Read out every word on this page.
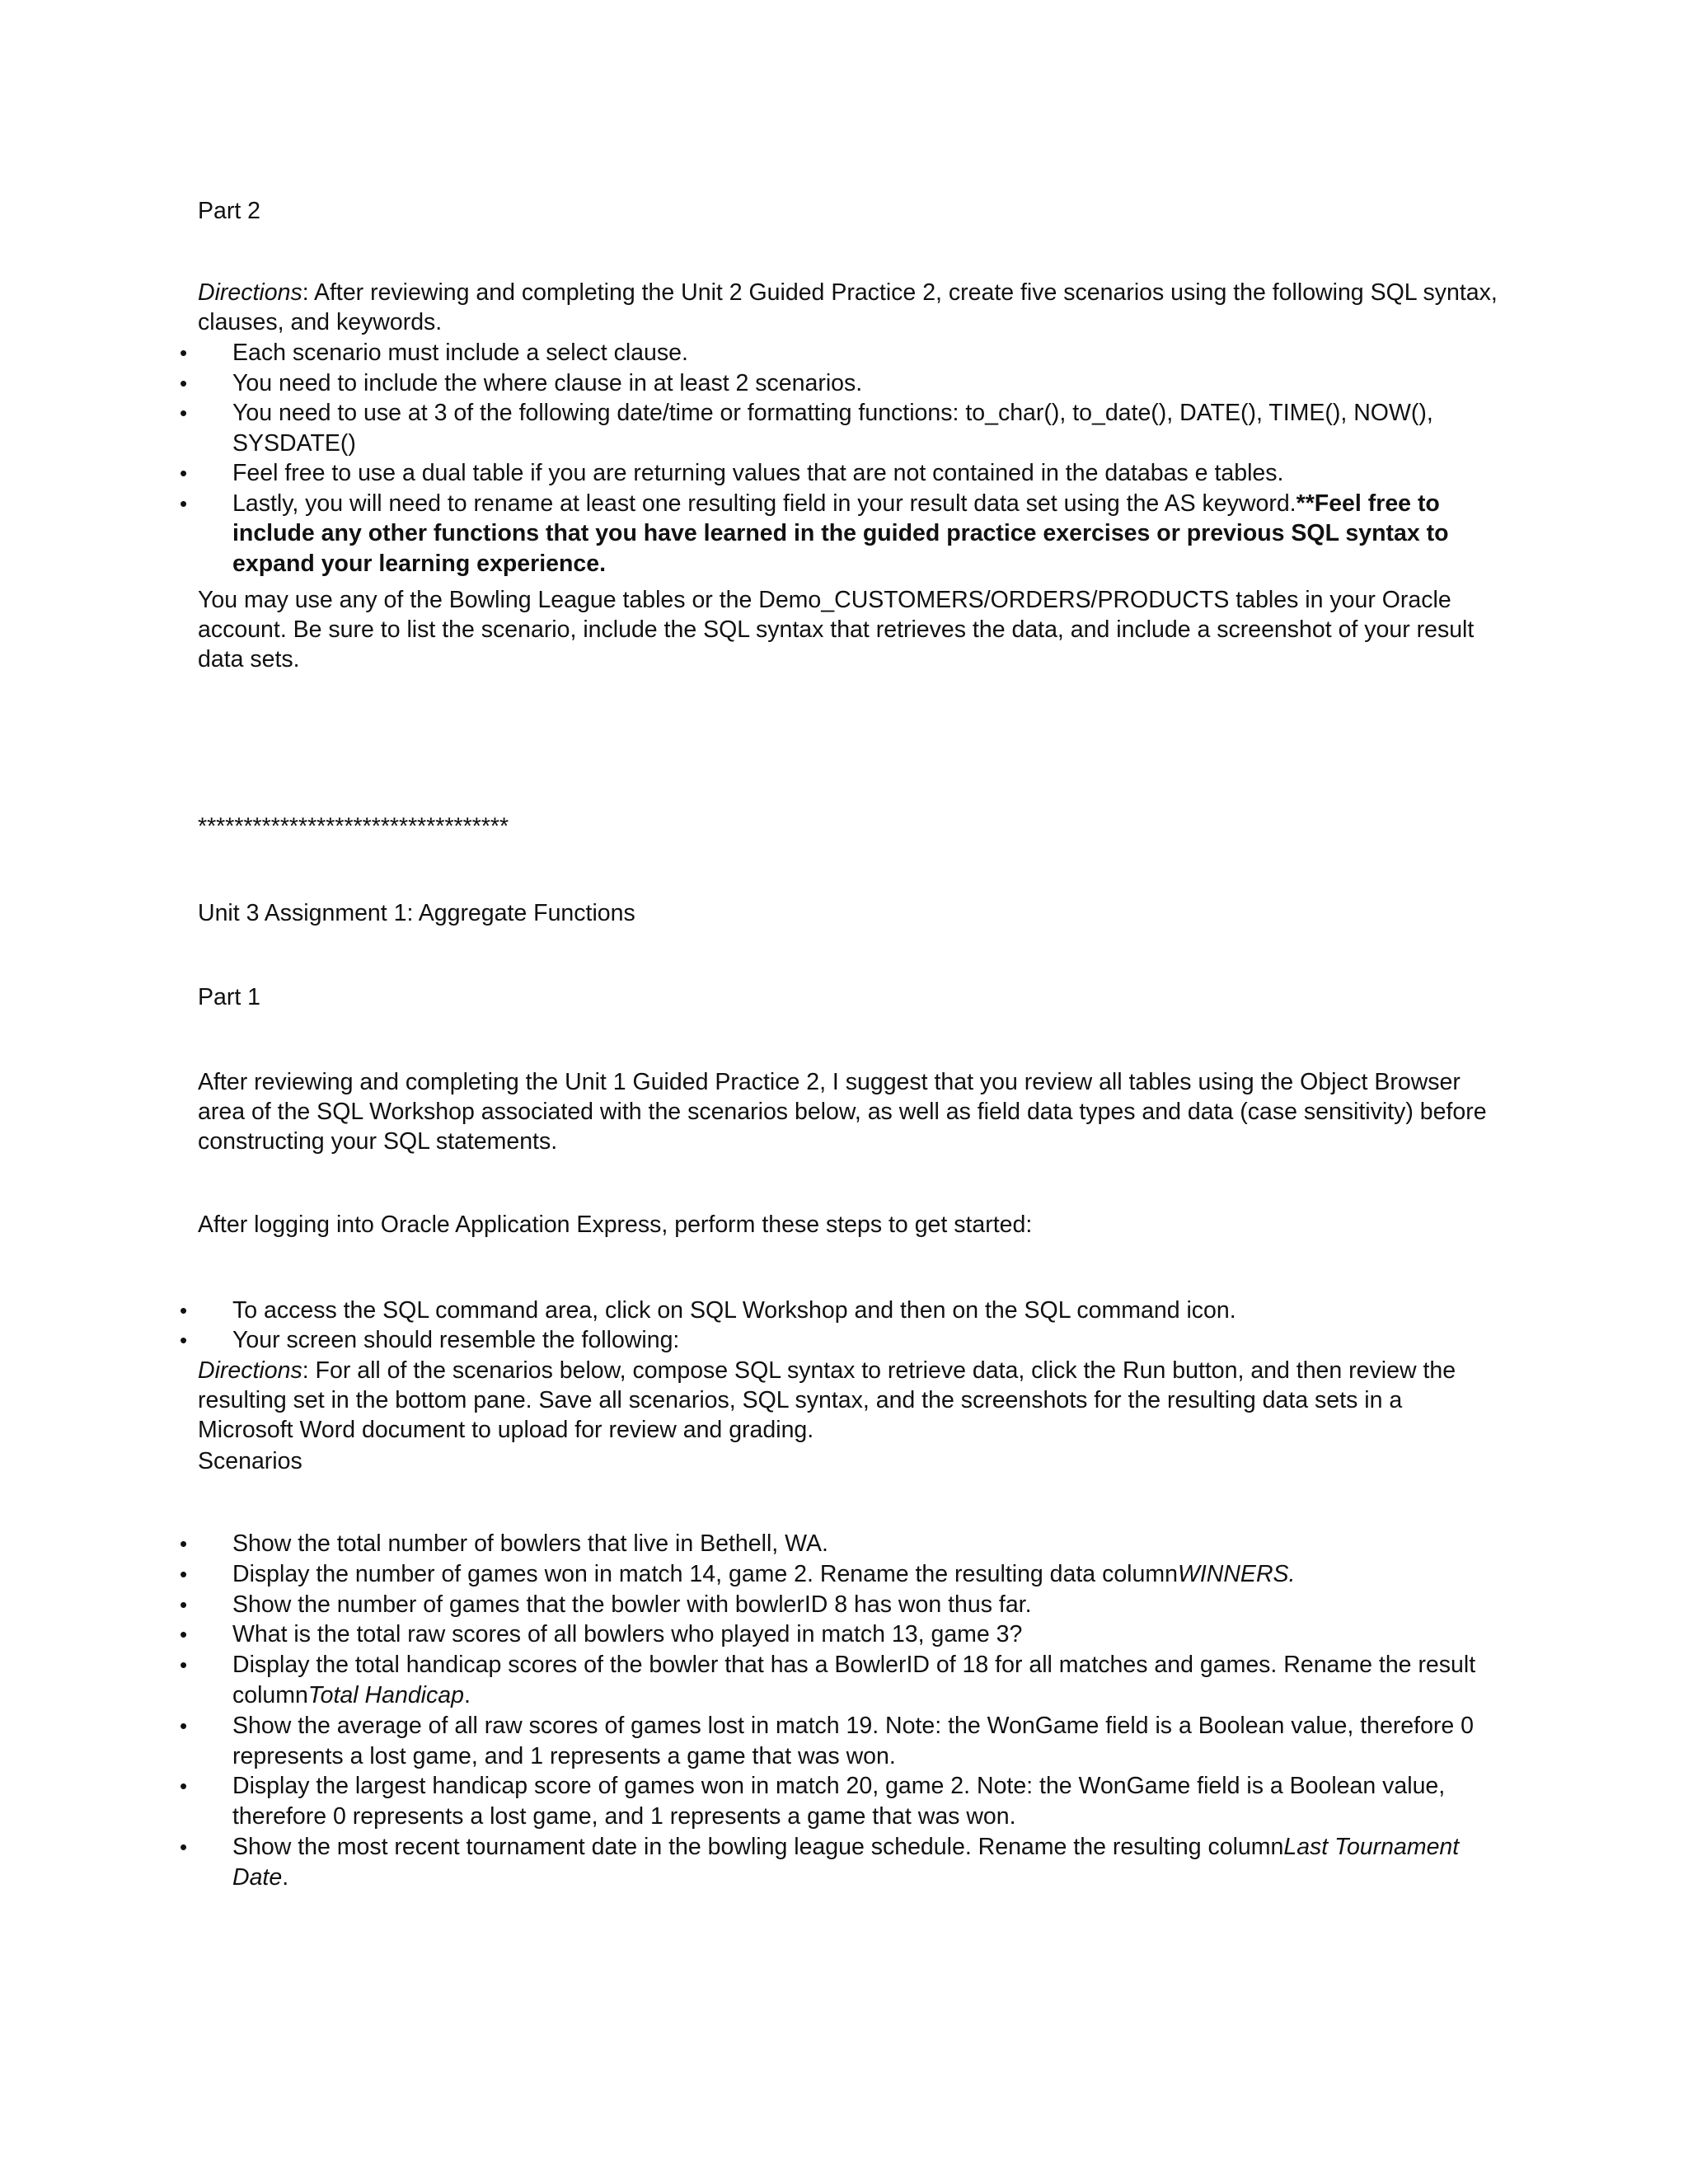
Part 2

Directions: After reviewing and completing the Unit 2 Guided Practice 2, create five scenarios using the following SQL syntax, clauses, and keywords.

• Each scenario must include a select clause.
• You need to include the where clause in at least 2 scenarios.
• You need to use at 3 of the following date/time or formatting functions: to_char(), to_date(), DATE(), TIME(), NOW(), SYSDATE()
• Feel free to use a dual table if you are returning values that are not contained in the databas e tables.
• Lastly, you will need to rename at least one resulting field in your result data set using the AS keyword.**Feel free to include any other functions that you have learned in the guided practice exercises or previous SQL syntax to expand your learning experience.

You may use any of the Bowling League tables or the Demo_CUSTOMERS/ORDERS/PRODUCTS tables in your Oracle account. Be sure to list the scenario, include the SQL syntax that retrieves the data, and include a screenshot of your result data sets.

**********************************

Unit 3 Assignment 1: Aggregate Functions

Part 1

After reviewing and completing the Unit 1 Guided Practice 2, I suggest that you review all tables using the Object Browser area of the SQL Workshop associated with the scenarios below, as well as field data types and data (case sensitivity) before constructing your SQL statements.

After logging into Oracle Application Express, perform these steps to get started:

• To access the SQL command area, click on SQL Workshop and then on the SQL command icon.
• Your screen should resemble the following:

Directions: For all of the scenarios below, compose SQL syntax to retrieve data, click the Run button, and then review the resulting set in the bottom pane. Save all scenarios, SQL syntax, and the screenshots for the resulting data sets in a Microsoft Word document to upload for review and grading.

Scenarios

• Show the total number of bowlers that live in Bethell, WA.
• Display the number of games won in match 14, game 2. Rename the resulting data columnWINNERS.
• Show the number of games that the bowler with bowlerID 8 has won thus far.
• What is the total raw scores of all bowlers who played in match 13, game 3?
• Display the total handicap scores of the bowler that has a BowlerID of 18 for all matches and games. Rename the result columnTotal Handicap.
• Show the average of all raw scores of games lost in match 19. Note: the WonGame field is a Boolean value, therefore 0 represents a lost game, and 1 represents a game that was won.
• Display the largest handicap score of games won in match 20, game 2. Note: the WonGame field is a Boolean value, therefore 0 represents a lost game, and 1 represents a game that was won.
• Show the most recent tournament date in the bowling league schedule. Rename the resulting columnLast Tournament Date.
